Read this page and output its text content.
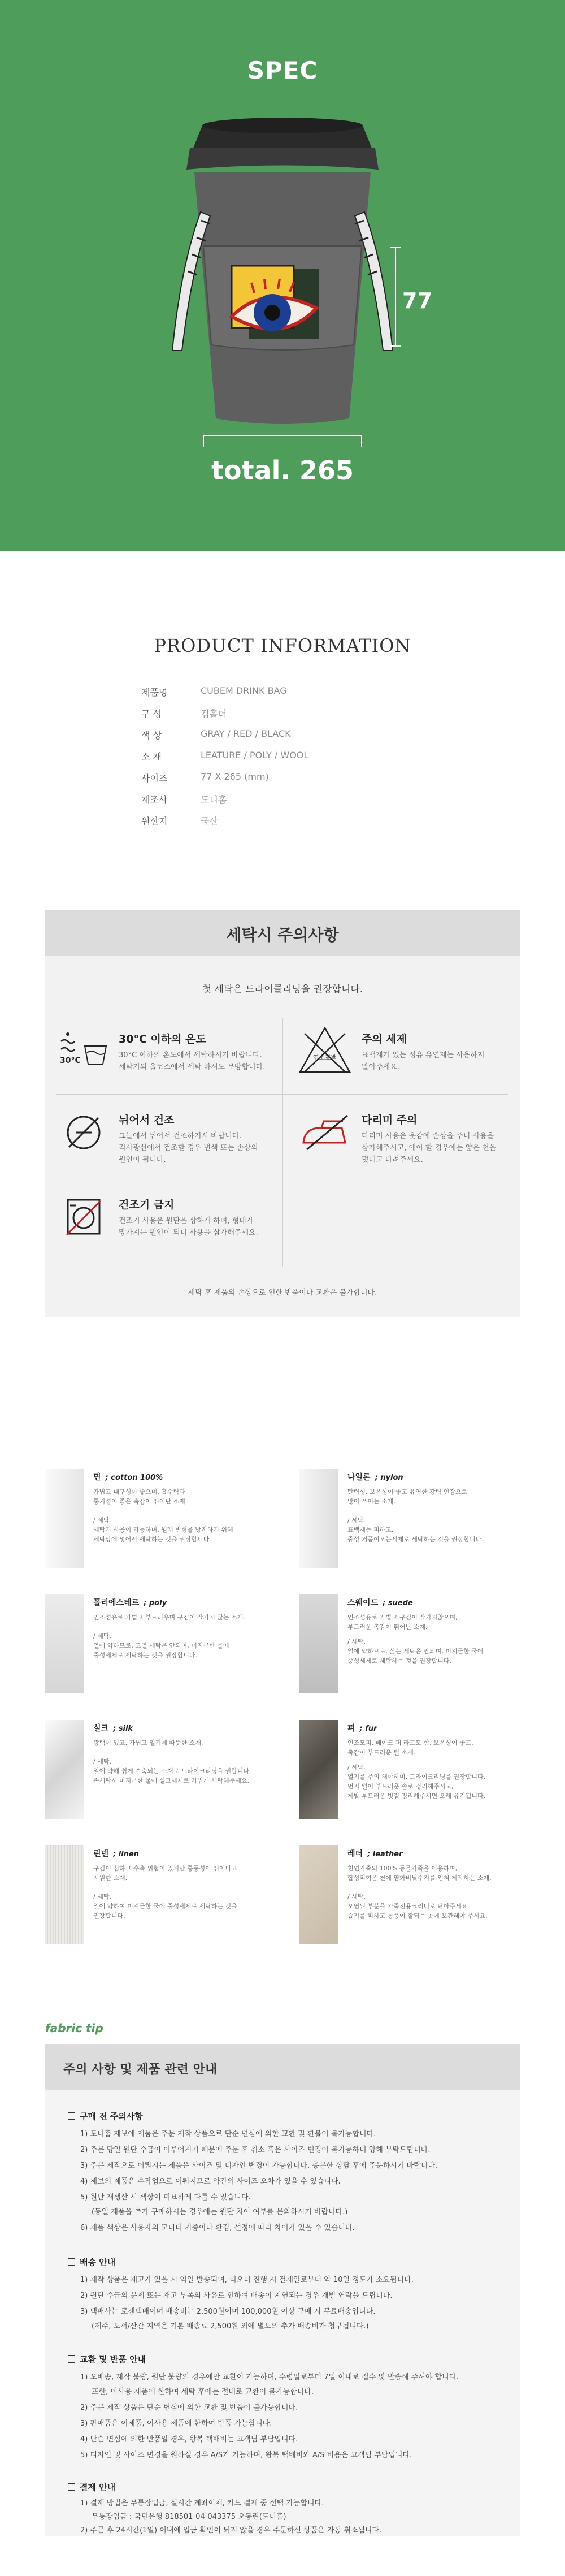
SPEC
77
total. 265
PRODUCT INFORMATION
제품명	CUBEM DRINK BAG
구 성	컵홀더
색 상	GRAY / RED / BLACK
소 재	LEATURE / POLY / WOOL
사이즈	77 X 265 (mm)
제조사	도니홈
원산지	국산
세탁시 주의사항
첫 세탁은 드라이클리닝을 권장합니다.
30°C
30°C 이하의 온도
30°C 이하의 온도에서 세탁하시기 바랍니다.
세탁기의 울코스에서 세탁 하셔도 무방합니다.
염소표백
주의 세제
표백제가 있는 성유 유연제는 사용하지
말아주세요.
뉘어서 건조
그늘에서 뉘어서 건조하기시 바랍니다.
직사광선에서 건조할 경우 변색 또는 손상의
원인이 됩니다.
다리미 주의
다리미 사용은 웃감에 손상을 주니 사용을
삼가해주시고, 애이 할 경우에는 얇은 천을
덧대고 다려주세요.
건조기 금지
건조기 사용은 원단을 상하게 하며, 형태가
망가지는 원인이 되니 사용을 삼가해주세요.
세탁 후 제품의 손상으로 인한 반품이나 교환은 불가합니다.
면 ; cotton 100%
가볍고 내구성이 좋으며, 흡수력과
통기성이 좋은 촉감이 뛰어난 소재.
/ 세탁.
세탁기 사용이 가능하며, 원래 변형을 방지하기 위해
세탁망에 넣어서 세탁하는 것을 권장합니다.
나일론 ; nylon
탄력성, 보온성이 좋고 유연한 강력 인감으로
많이 쓰이는 소재.
/ 세탁.
표백제는 피하고,
중성 거품이오는세제로 세탁하는 것을 권장합니다.
폴리에스테르 ; poly
인조섬유로 가볍고 부드러우며 구김이 잘가지 않는 소재.
/ 세탁.
열에 약하므로, 고열 세탁은 안되며, 미지근한 물에
중성세제로 세탁하는 것을 권장합니다.
스웨이드 ; suede
인조섬유로 가볍고 구김이 잘가지않으며,
부드러운 촉감이 뛰어난 소재.
/ 세탁.
열에 약하므로, 삶는 세탁은 안되며, 미지근한 물에
중성세제로 세탁하는 것을 권장합니다.
실크 ; silk
광택이 있고, 가볍고 일기에 따뜻한 소재.
/ 세탁.
열에 약해 쉽게 수축되는 소재로 드라이크리닝을 권합니다.
손세탁시 미지근한 물에 실크세제로 가볍게 세탁해주세요.
퍼 ; fur
인조모피, 페이크 퍼 라고도 함. 보온성이 좋고,
촉감이 부드러운 털 소재.
/ 세탁.
열기를 주의 해야하며, 드라이크리닝을 권장합니다.
먼지 털어 부드러운 솔로 정리해주시고,
제발 부드러운 빗질 정리해주시면 오래 유지됩니다.
린넨 ; linen
구김이 심하고 수축 위험이 있지만 통풍성이 뛰어나고
시원한 소재.
/ 세탁.
열에 약하여 미지근한 물에 중성세제로 세탁하는 것을
권장합니다.
레더 ; leather
천연가죽의 100% 동물가죽을 이용하며,
합성피혁은 천에 염화비닐수지를 입혀 제작하는 소재.
/ 세탁.
오염된 부분을 가죽전용크리너로 닦아주세요.
습기를 피하고 통풍이 잘되는 곳에 보관해야 주세요.
fabric tip
주의 사항 및 제품 관련 안내
구매 전 주의사항
1) 도니홈 제보에 제품은 주문 제작 상품으로 단순 변심에 의한 교환 및 환불이 불가능합니다.
2) 주문 당일 원단 수급이 이루어지기 때문에 주문 후 취소 혹은 사이즈 변경이 불가능하니 양해 부탁드립니다.
3) 주문 제작으로 이뤄지는 제품은 사이즈 및 디자인 변경이 가능합니다. 충분한 상담 후에 주문하시기 바랍니다.
4) 제보의 제품은 수작업으로 이뤄지므로 약간의 사이즈 오차가 있을 수 있습니다.
5) 원단 재생산 시 색상이 미묘하게 다를 수 있습니다.
(동일 제품을 추가 구매하시는 경우에는 원단 차이 여부를 문의하시기 바랍니다.)
6) 제품 색상은 사용자의 모니터 기종이나 환경, 설정에 따라 차이가 있을 수 있습니다.
배송 안내
1) 제작 상품은 재고가 있을 시 익일 발송되며, 리오더 진행 시 결제일로부터 약 10일 정도가 소요됩니다.
2) 원단 수급의 문제 또는 재고 부족의 사유로 인하여 배송이 지연되는 경우 개별 연락을 드립니다.
3) 택배사는 로젠택배이며 배송비는 2,500원이며 100,000원 이상 구매 시 무료배송입니다.
(제주, 도서/산간 지역은 기본 배송료 2,500원 외에 별도의 추가 배송비가 청구됩니다.)
교환 및 반품 안내
1) 오배송, 제작 불량, 원단 불량의 경우에만 교환이 가능하며, 수령일로부터 7일 이내로 접수 및 반송해 주셔야 합니다.
또한, 이사용 제품에 한하여 세탁 후에는 절대로 교환이 불가능합니다.
2) 주문 제작 상품은 단순 변심에 의한 교환 및 반품이 불가능합니다.
3) 판매품은 이제품, 이사용 제품에 한하여 반품 가능합니다.
4) 단순 변심에 의한 반품일 경우, 왕복 택배비는 고객님 부담입니다.
5) 디자인 및 사이즈 변경을 원하실 경우 A/S가 가능하며, 왕복 택배비와 A/S 비용은 고객님 부담입니다.
결제 안내
1) 결제 방법은 무통장입금, 실시간 계좌이체, 카드 결제 중 선택 가능합니다.
무통장입금 : 국민은행 818501-04-043375 오동린(도니홈)
2) 주문 후 24시간(1일) 이내에 입금 확인이 되지 않을 경우 주문하신 상품은 자동 취소됩니다.
